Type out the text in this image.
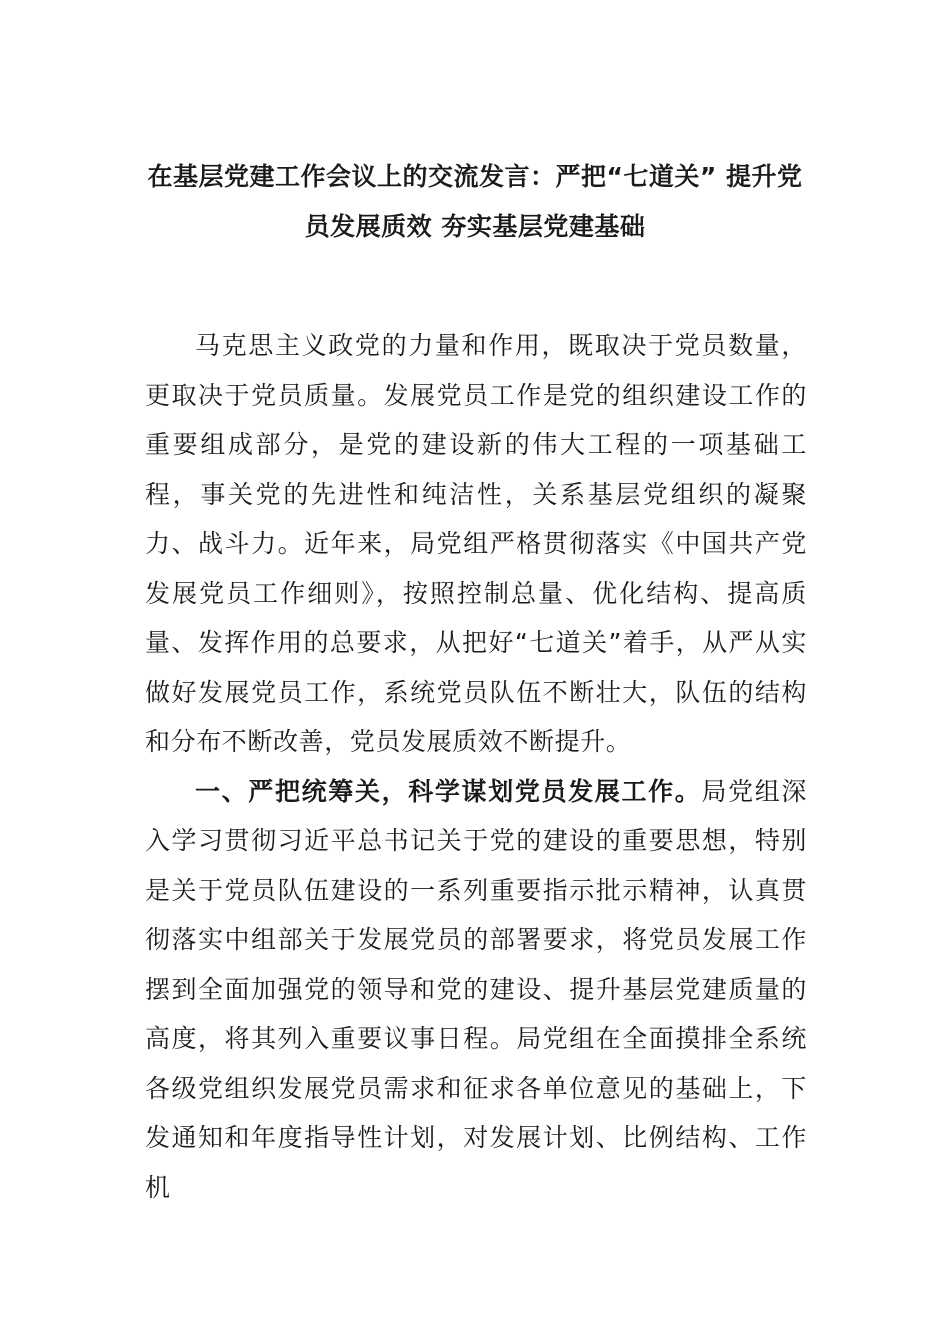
在基层党建工作会议上的交流发言：严把“七道关” 提升党
员发展质效 夯实基层党建基础

马克思主义政党的力量和作用，既取决于党员数量，更取决于党员质量。发展党员工作是党的组织建设工作的重要组成部分，是党的建设新的伟大工程的一项基础工程，事关党的先进性和纯洁性，关系基层党组织的凝聚力、战斗力。近年来，局党组严格贯彻落实《中国共产党发展党员工作细则》，按照控制总量、优化结构、提高质量、发挥作用的总要求，从把好“七道关”着手，从严从实做好发展党员工作，系统党员队伍不断壮大，队伍的结构和分布不断改善，党员发展质效不断提升。

一、严把统筹关，科学谋划党员发展工作。局党组深入学习贯彻习近平总书记关于党的建设的重要思想，特别是关于党员队伍建设的一系列重要指示批示精神，认真贯彻落实中组部关于发展党员的部署要求，将党员发展工作摆到全面加强党的领导和党的建设、提升基层党建质量的高度，将其列入重要议事日程。局党组在全面摸排全系统各级党组织发展党员需求和征求各单位意见的基础上，下发通知和年度指导性计划，对发展计划、比例结构、工作机
